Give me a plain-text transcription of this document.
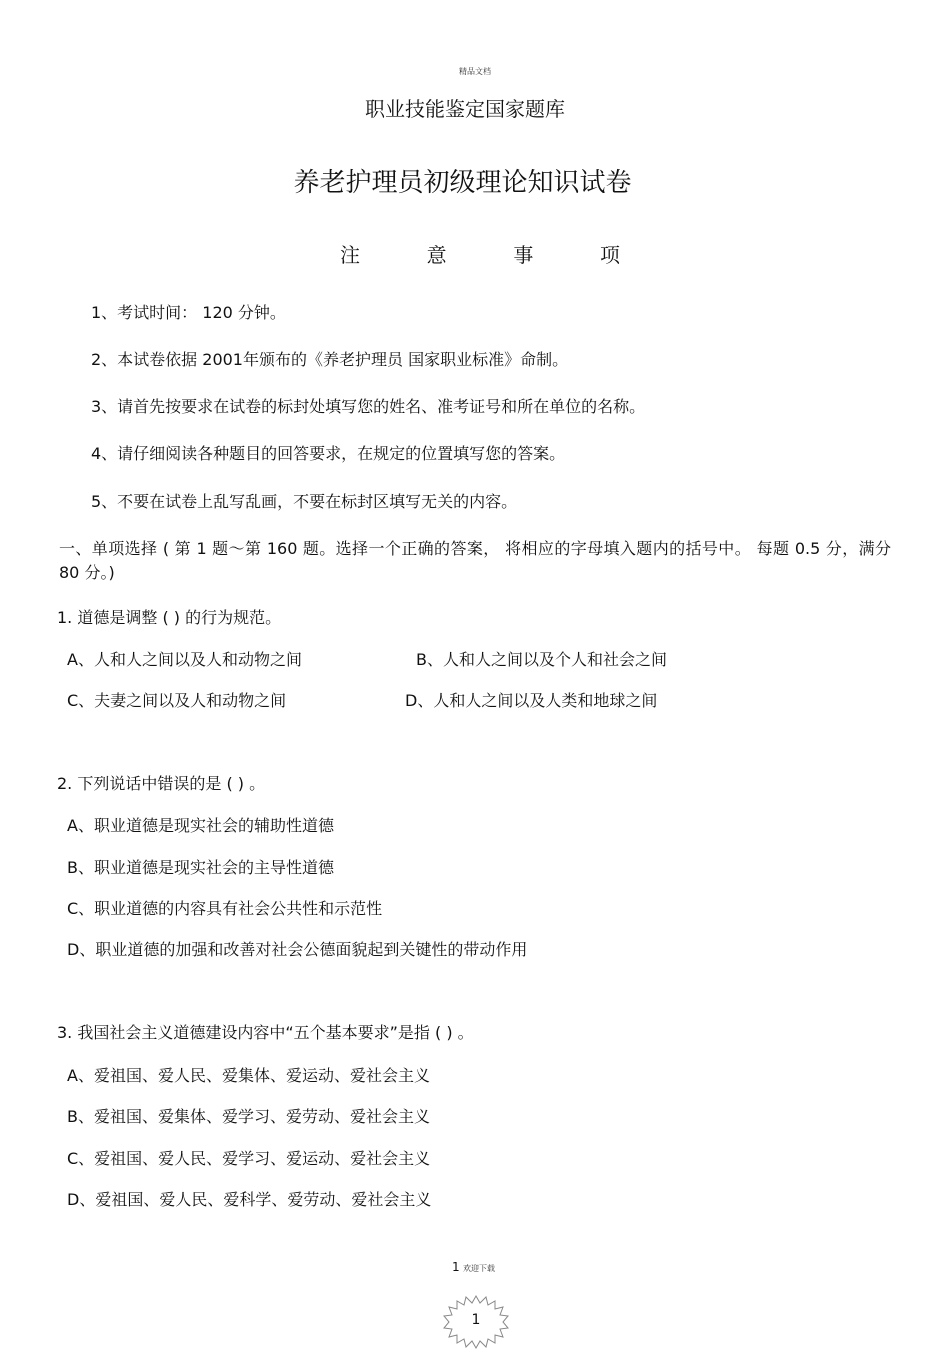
精品文档
职业技能鉴定国家题库
养老护理员初级理论知识试卷
注	意	事	项
1、考试时间： 120 分钟。
2、本试卷依据 2001年颁布的《养老护理员 国家职业标准》命制。
3、请首先按要求在试卷的标封处填写您的姓名、准考证号和所在单位的名称。
4、请仔细阅读各种题目的回答要求，在规定的位置填写您的答案。
5、不要在试卷上乱写乱画，不要在标封区填写无关的内容。
一、单项选择 ( 第 1 题～第 160 题。选择一个正确的答案， 将相应的字母填入题内的括号中。 每题 0.5 分，满分 80 分。)
1. 道德是调整 ( ) 的行为规范。
A、人和人之间以及人和动物之间	B、人和人之间以及个人和社会之间
C、夫妻之间以及人和动物之间	D、人和人之间以及人类和地球之间
2. 下列说话中错误的是 ( ) 。
A、职业道德是现实社会的辅助性道德
B、职业道德是现实社会的主导性道德
C、职业道德的内容具有社会公共性和示范性
D、职业道德的加强和改善对社会公德面貌起到关键性的带动作用
3. 我国社会主义道德建设内容中“五个基本要求”是指 ( ) 。
A、爱祖国、爱人民、爱集体、爱运动、爱社会主义
B、爱祖国、爱集体、爱学习、爱劳动、爱社会主义
C、爱祖国、爱人民、爱学习、爱运动、爱社会主义
D、爱祖国、爱人民、爱科学、爱劳动、爱社会主义
1 欢迎下载
1
